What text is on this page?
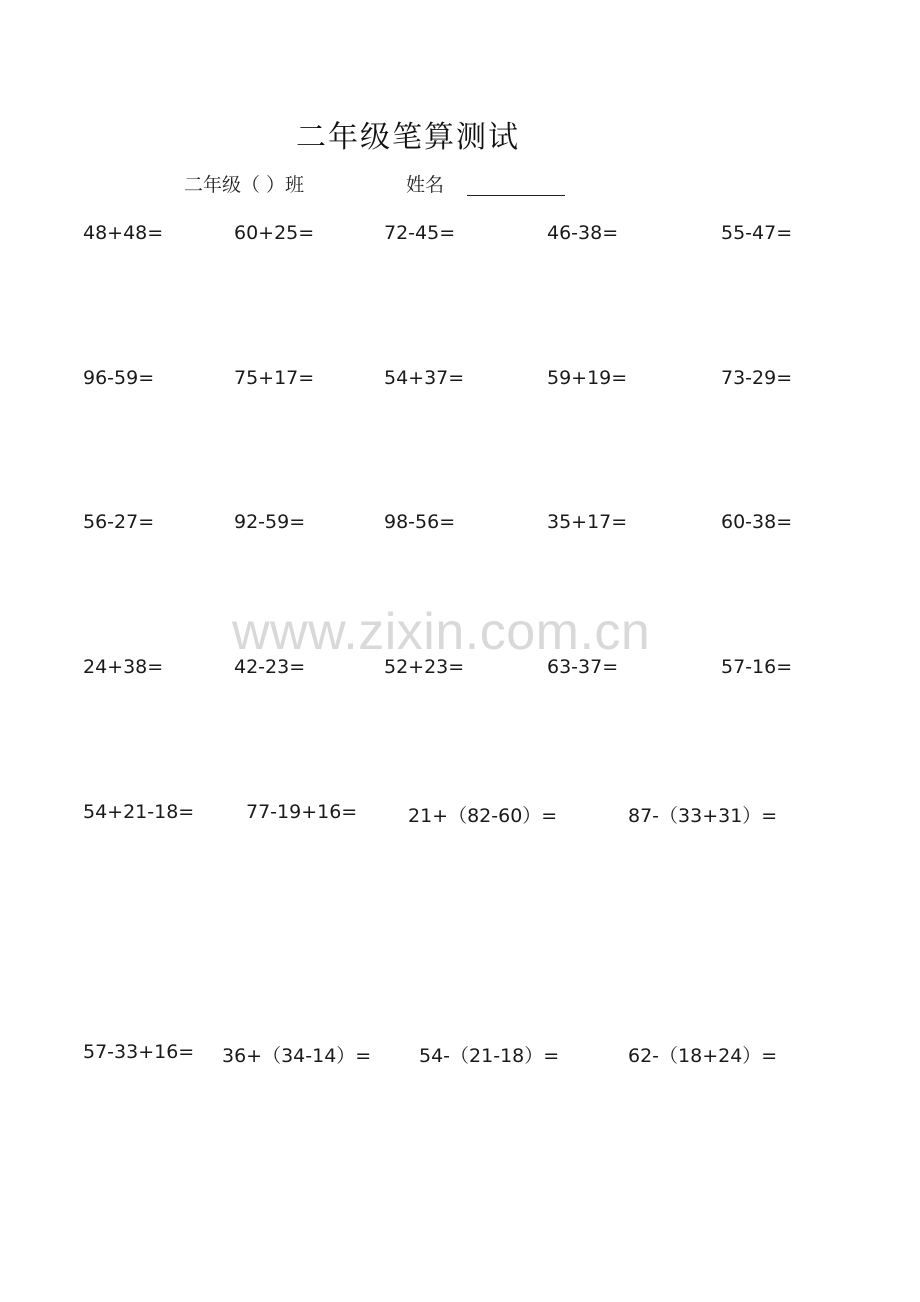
二年级笔算测试
二年级（ ）班	姓名
48+48=	60+25=	72-45=	46-38=	55-47=
96-59=	75+17=	54+37=	59+19=	73-29=
56-27=	92-59=	98-56=	35+17=	60-38=
www.zixin.com.cn
24+38=	42-23=	52+23=	63-37=	57-16=
54+21-18=	77-19+16=	21+（82-60）=	87-（33+31）=
57-33+16= 36+（34-14）=	54-（21-18）=	62-（18+24）=
